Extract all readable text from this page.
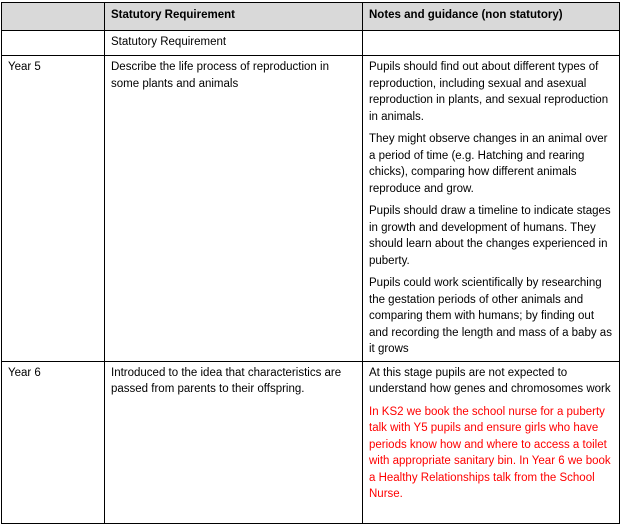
	Statutory Requirement	Notes and guidance (non statutory)
	Statutory Requirement	
Year 5	Describe the life process of reproduction in some plants and animals	Pupils should find out about different types of reproduction, including sexual and asexual reproduction in plants, and sexual reproduction in animals.

They might observe changes in an animal over a period of time (e.g. Hatching and rearing chicks), comparing how different animals reproduce and grow.

Pupils should draw a timeline to indicate stages in growth and development of humans. They should learn about the changes experienced in puberty.

Pupils could work scientifically by researching the gestation periods of other animals and comparing them with humans; by finding out and recording the length and mass of a baby as it grows

Year 6	Introduced to the idea that characteristics are passed from parents to their offspring.	At this stage pupils are not expected to understand how genes and chromosomes work

In KS2 we book the school nurse for a puberty talk with Y5 pupils and ensure girls who have periods know how and where to access a toilet with appropriate sanitary bin. In Year 6 we book a Healthy Relationships talk from the School Nurse.
